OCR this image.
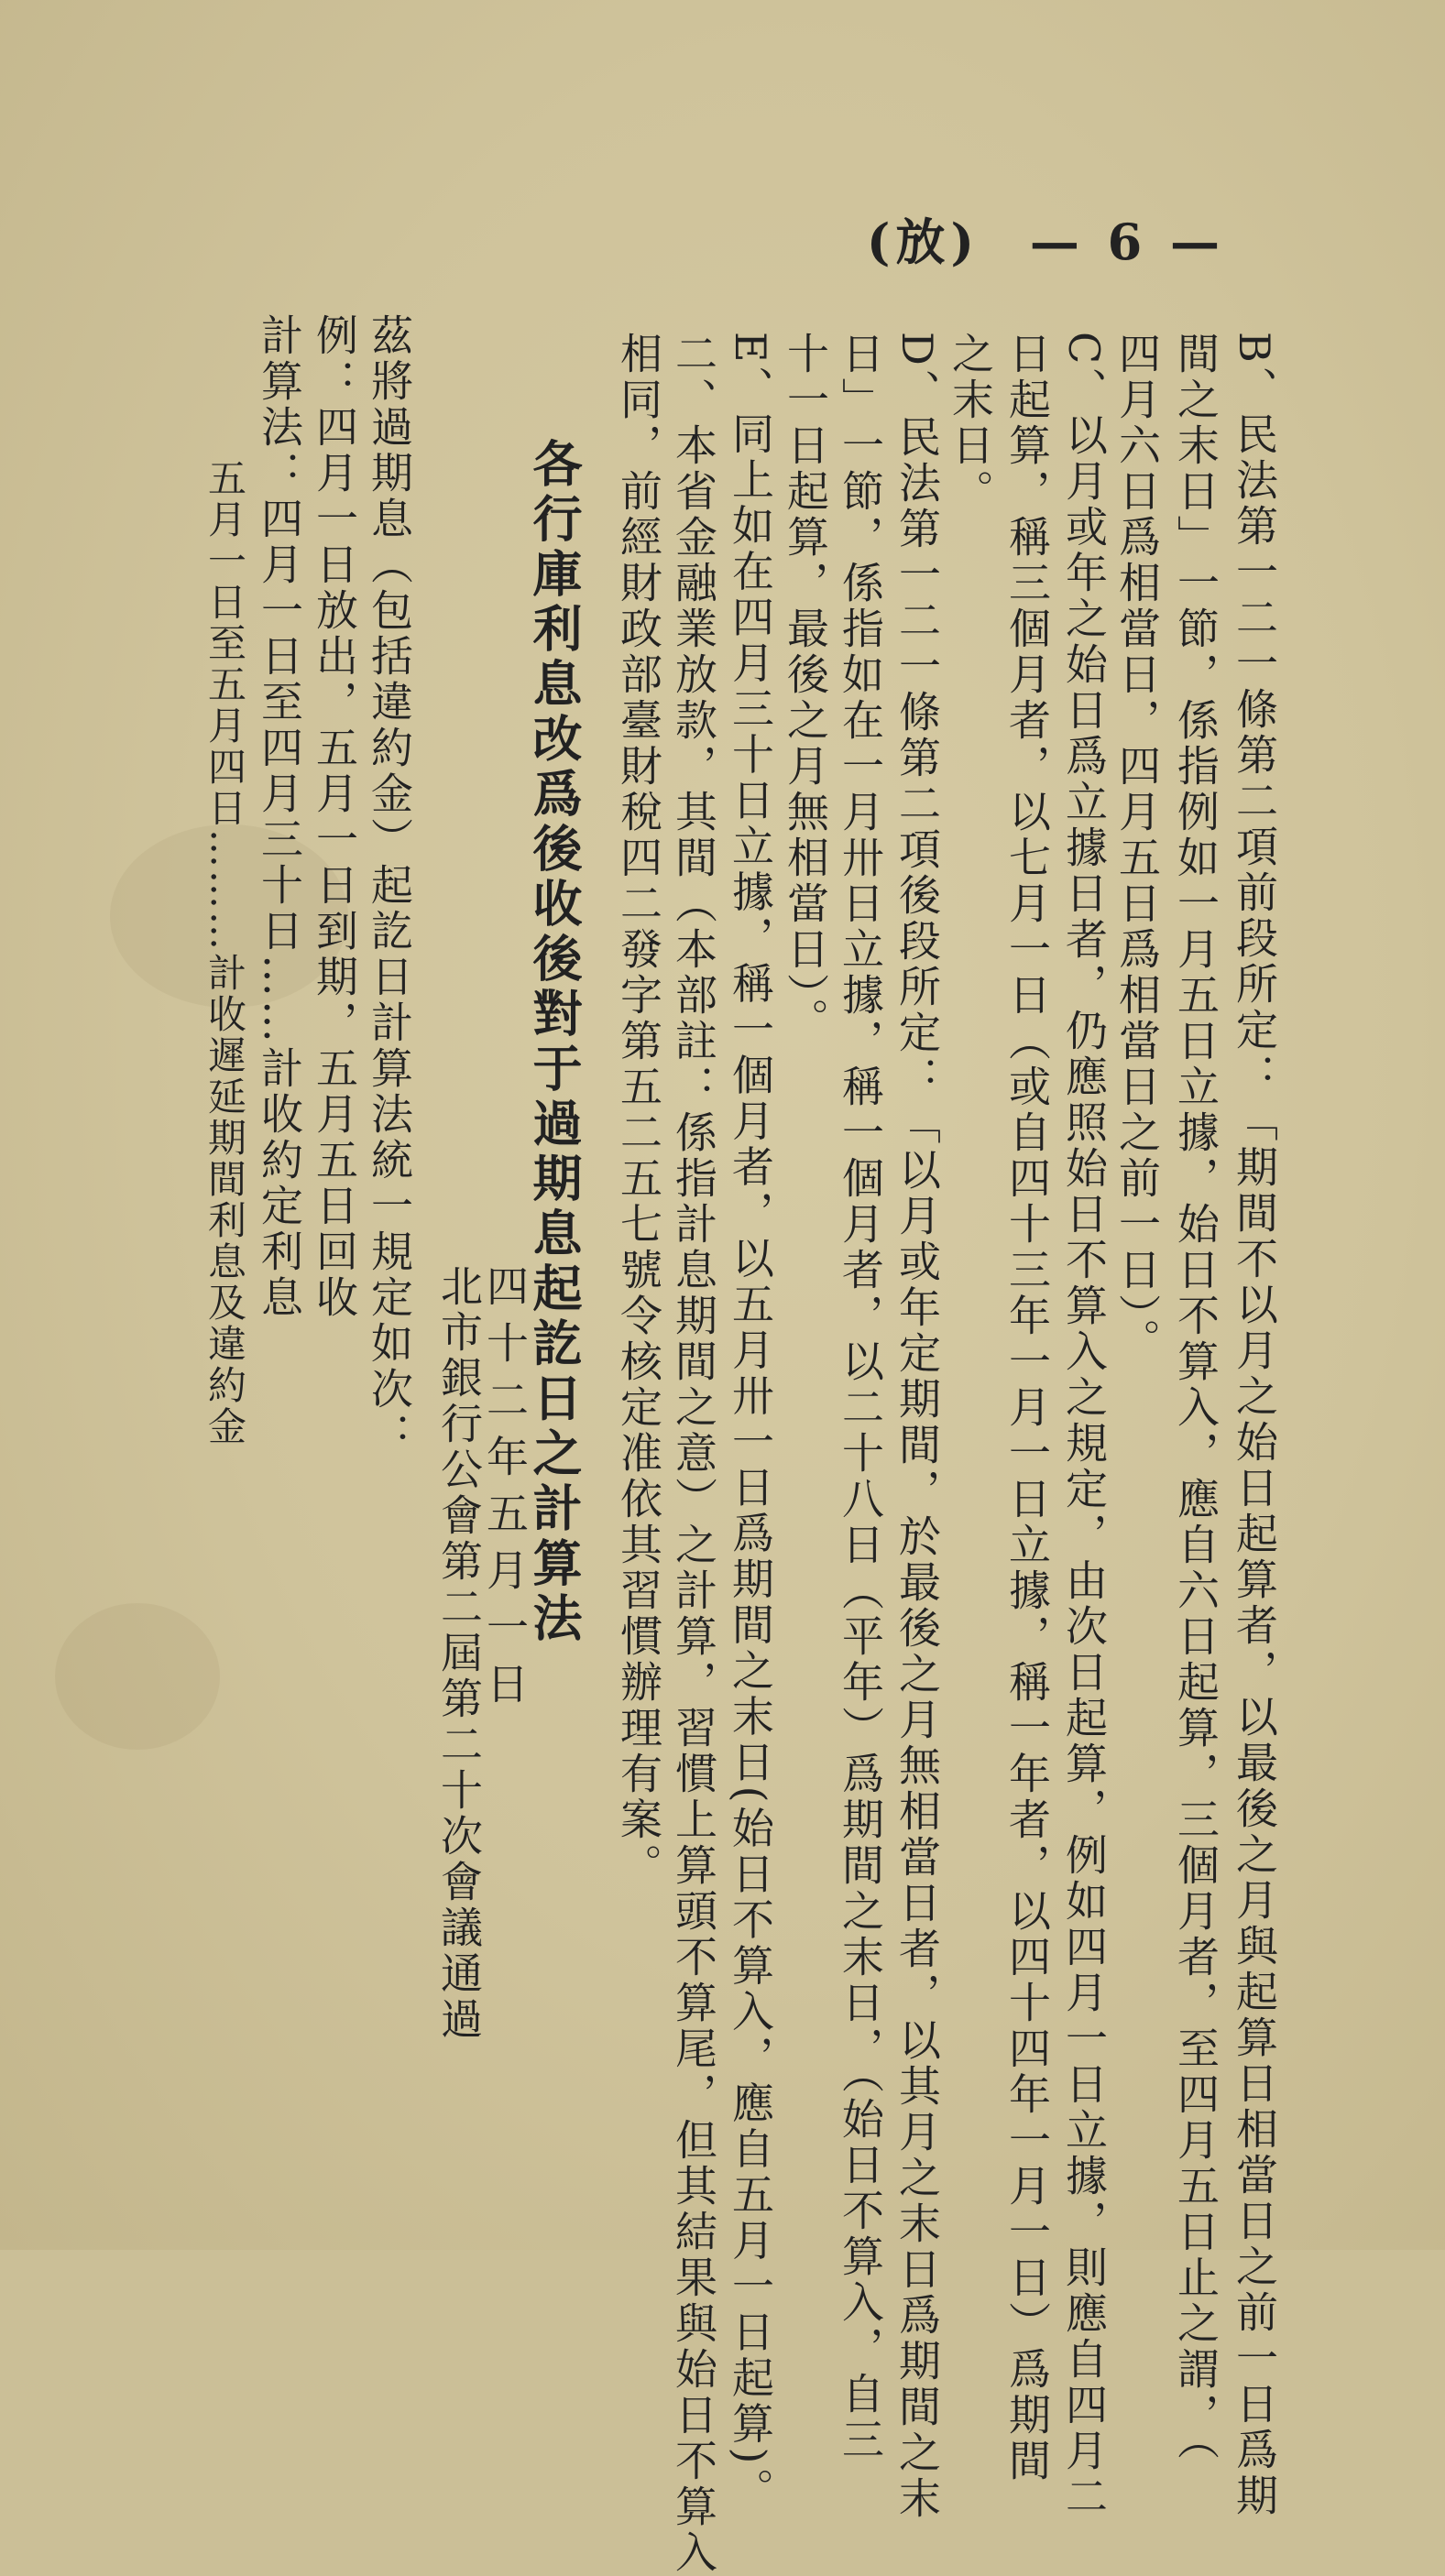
(放) — 6 —
B、民法第一二一條第二項前段所定：「期間不以月之始日起算者，以最後之月與起算日相當日之前一日爲期
間之末日」一節，係指例如一月五日立據，始日不算入，應自六日起算，三個月者，至四月五日止之謂，（
四月六日爲相當日，四月五日爲相當日之前一日）。
C、以月或年之始日爲立據日者，仍應照始日不算入之規定，由次日起算，例如四月一日立據，則應自四月二
日起算，稱三個月者，以七月一日（或自四十三年一月一日立據，稱一年者，以四十四年一月一日）爲期間
之末日。
D、民法第一二一條第二項後段所定：「以月或年定期間，於最後之月無相當日者，以其月之末日爲期間之末
日」一節，係指如在一月卅日立據，稱一個月者，以二十八日（平年）爲期間之末日，（始日不算入，自三
十一日起算，最後之月無相當日）。
E、同上如在四月三十日立據，稱一個月者，以五月卅一日爲期間之末日(始日不算入，應自五月一日起算)。
二、本省金融業放款，其間（本部註：係指計息期間之意）之計算，習慣上算頭不算尾，但其結果與始日不算入
相同，前經財政部臺財稅四二發字第五二五七號令核定准依其習慣辦理有案。
各行庫利息改爲後收後對于過期息起訖日之計算法
四十二年五月一日
北市銀行公會第二屆第二十次會議通過
茲將過期息（包括違約金）起訖日計算法統一規定如次：
例：四月一日放出，五月一日到期，五月五日回收
計算法：四月一日至四月三十日……計收約定利息
五月一日至五月四日………計收遲延期間利息及違約金
